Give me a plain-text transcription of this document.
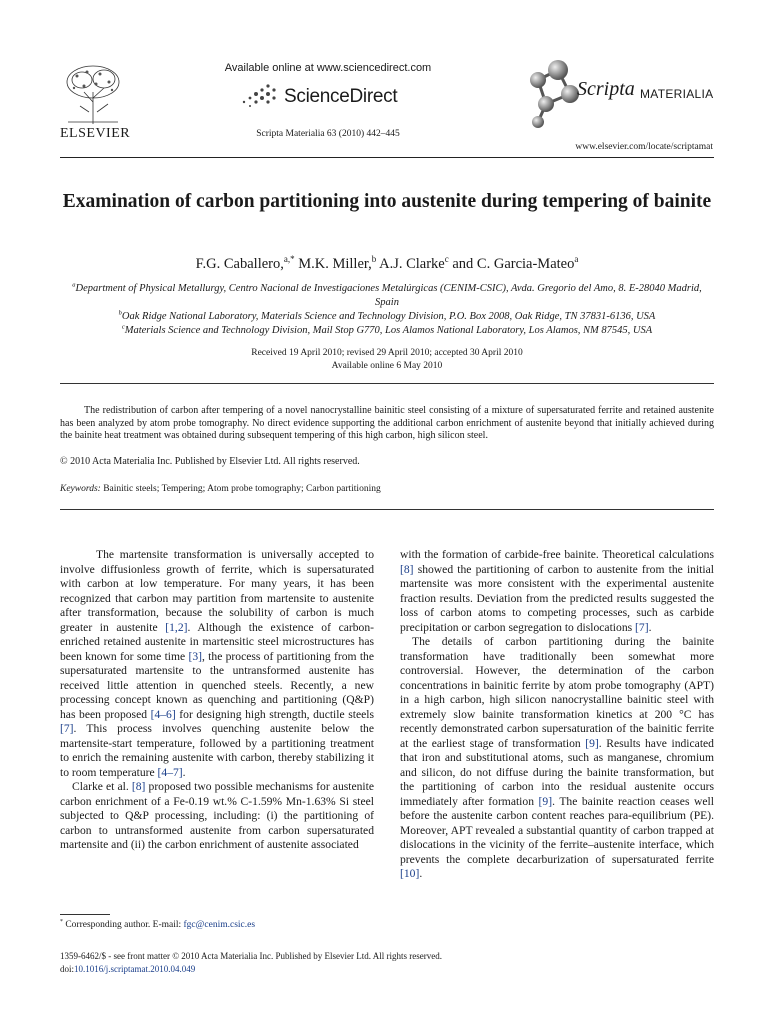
ELSEVIER
Available online at www.sciencedirect.com
ScienceDirect
Scripta Materialia 63 (2010) 442–445
Scripta MATERIALIA
www.elsevier.com/locate/scriptamat
Examination of carbon partitioning into austenite during tempering of bainite
F.G. Caballero,$^{a,*}$ M.K. Miller,$^b$ A.J. Clarke$^c$ and C. Garcia-Mateo$^a$
$^a$Department of Physical Metallurgy, Centro Nacional de Investigaciones Metalúrgicas (CENIM-CSIC), Avda. Gregorio del Amo, 8. E-28040 Madrid, Spain
$^b$Oak Ridge National Laboratory, Materials Science and Technology Division, P.O. Box 2008, Oak Ridge, TN 37831-6136, USA
$^c$Materials Science and Technology Division, Mail Stop G770, Los Alamos National Laboratory, Los Alamos, NM 87545, USA
Received 19 April 2010; revised 29 April 2010; accepted 30 April 2010
Available online 6 May 2010
The redistribution of carbon after tempering of a novel nanocrystalline bainitic steel consisting of a mixture of supersaturated ferrite and retained austenite has been analyzed by atom probe tomography. No direct evidence supporting the additional carbon enrichment of austenite beyond that initially achieved during the bainite heat treatment was obtained during subsequent tempering of this high carbon, high silicon steel.
© 2010 Acta Materialia Inc. Published by Elsevier Ltd. All rights reserved.
Keywords: Bainitic steels; Tempering; Atom probe tomography; Carbon partitioning

The martensite transformation is universally accepted to involve diffusionless growth of ferrite, which is supersaturated with carbon at low temperature. For many years, it has been recognized that carbon may partition from martensite to austenite after transformation, because the solubility of carbon is much greater in austenite [1,2]. Although the existence of carbon-enriched retained austenite in martensitic steel microstructures has been known for some time [3], the process of partitioning from the supersaturated martensite to the untransformed austenite has received little attention in quenched steels. Recently, a new processing concept known as quenching and partitioning (Q&P) has been proposed [4–6] for designing high strength, ductile steels [7]. This process involves quenching austenite below the martensite-start temperature, followed by a partitioning treatment to enrich the remaining austenite with carbon, thereby stabilizing it to room temperature [4–7].

Clarke et al. [8] proposed two possible mechanisms for austenite carbon enrichment of a Fe-0.19 wt.% C-1.59% Mn-1.63% Si steel subjected to Q&P processing, including: (i) the partitioning of carbon to untransformed austenite from carbon supersaturated martensite and (ii) the carbon enrichment of austenite associated

with the formation of carbide-free bainite. Theoretical calculations [8] showed the partitioning of carbon to austenite from the initial martensite was more consistent with the experimental austenite fraction results. Deviation from the predicted results suggested the loss of carbon atoms to competing processes, such as carbide precipitation or carbon segregation to dislocations [7].

The details of carbon partitioning during the bainite transformation have traditionally been somewhat more controversial. However, the determination of the carbon concentrations in bainitic ferrite by atom probe tomography (APT) in a high carbon, high silicon nanocrystalline bainitic steel with extremely slow bainite transformation kinetics at 200 °C has recently demonstrated carbon supersaturation of the bainitic ferrite at the earliest stage of transformation [9]. Results have indicated that iron and substitutional atoms, such as manganese, chromium and silicon, do not diffuse during the bainite transformation, but the partitioning of carbon into the residual austenite occurs immediately after formation [9]. The bainite reaction ceases well before the austenite carbon content reaches para-equilibrium (PE). Moreover, APT revealed a substantial quantity of carbon trapped at dislocations in the vicinity of the ferrite–austenite interface, which prevents the complete decarburization of supersaturated ferrite [10].

* Corresponding author. E-mail: fgc@cenim.csic.es
1359-6462/$ - see front matter © 2010 Acta Materialia Inc. Published by Elsevier Ltd. All rights reserved.
doi:10.1016/j.scriptamat.2010.04.049
